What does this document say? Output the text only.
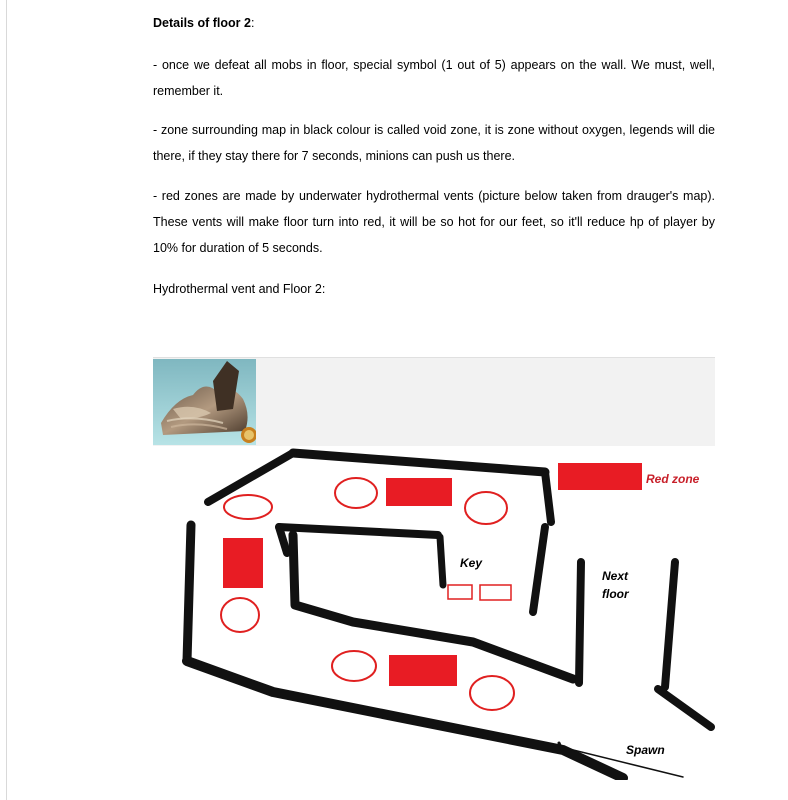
Details of floor 2:
- once we defeat all mobs in floor, special symbol (1 out of 5) appears on the wall. We must, well, remember it.
- zone surrounding map in black colour is called void zone, it is zone without oxygen, legends will die there, if they stay there for 7 seconds, minions can push us there.
- red zones are made by underwater hydrothermal vents (picture below taken from drauger's map). These vents will make floor turn into red, it will be so hot for our feet, so it'll reduce hp of player by 10% for duration of 5 seconds.
Hydrothermal vent and Floor 2:
Red zone
Key
Next
floor
Spawn
